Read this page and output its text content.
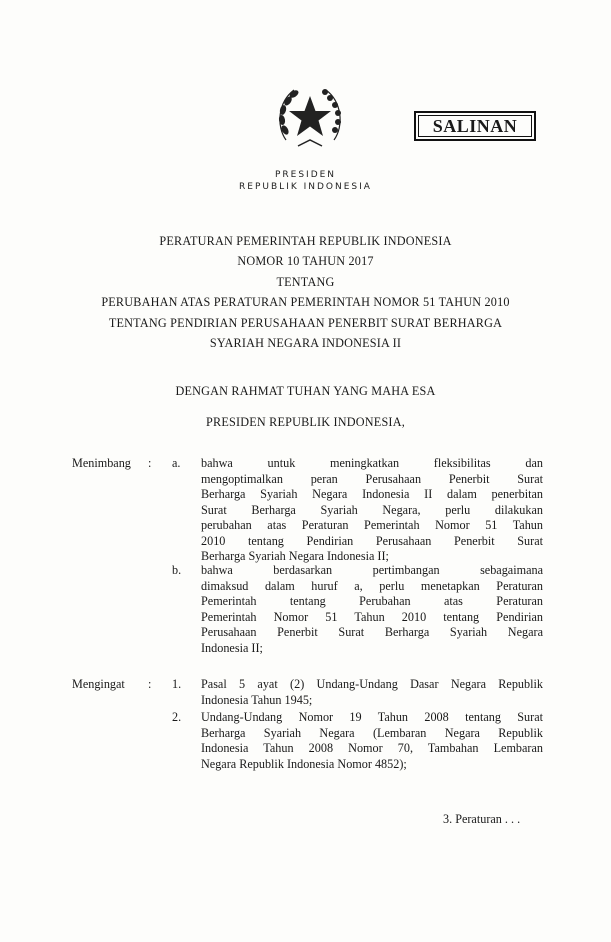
SALINAN
PRESIDEN
REPUBLIK INDONESIA
PERATURAN PEMERINTAH REPUBLIK INDONESIA
NOMOR 10 TAHUN 2017
TENTANG
PERUBAHAN ATAS PERATURAN PEMERINTAH NOMOR 51 TAHUN 2010
TENTANG PENDIRIAN PERUSAHAAN PENERBIT SURAT BERHARGA
SYARIAH NEGARA INDONESIA II
DENGAN RAHMAT TUHAN YANG MAHA ESA
PRESIDEN REPUBLIK INDONESIA,
Menimbang : a. bahwa untuk meningkatkan fleksibilitas dan
mengoptimalkan peran Perusahaan Penerbit Surat
Berharga Syariah Negara Indonesia II dalam penerbitan
Surat Berharga Syariah Negara, perlu dilakukan
perubahan atas Peraturan Pemerintah Nomor 51 Tahun
2010 tentang Pendirian Perusahaan Penerbit Surat
Berharga Syariah Negara Indonesia II;
b. bahwa berdasarkan pertimbangan sebagaimana
dimaksud dalam huruf a, perlu menetapkan Peraturan
Pemerintah tentang Perubahan atas Peraturan
Pemerintah Nomor 51 Tahun 2010 tentang Pendirian
Perusahaan Penerbit Surat Berharga Syariah Negara
Indonesia II;
Mengingat : 1. Pasal 5 ayat (2) Undang-Undang Dasar Negara Republik
Indonesia Tahun 1945;
2. Undang-Undang Nomor 19 Tahun 2008 tentang Surat
Berharga Syariah Negara (Lembaran Negara Republik
Indonesia Tahun 2008 Nomor 70, Tambahan Lembaran
Negara Republik Indonesia Nomor 4852);
3. Peraturan . . .
